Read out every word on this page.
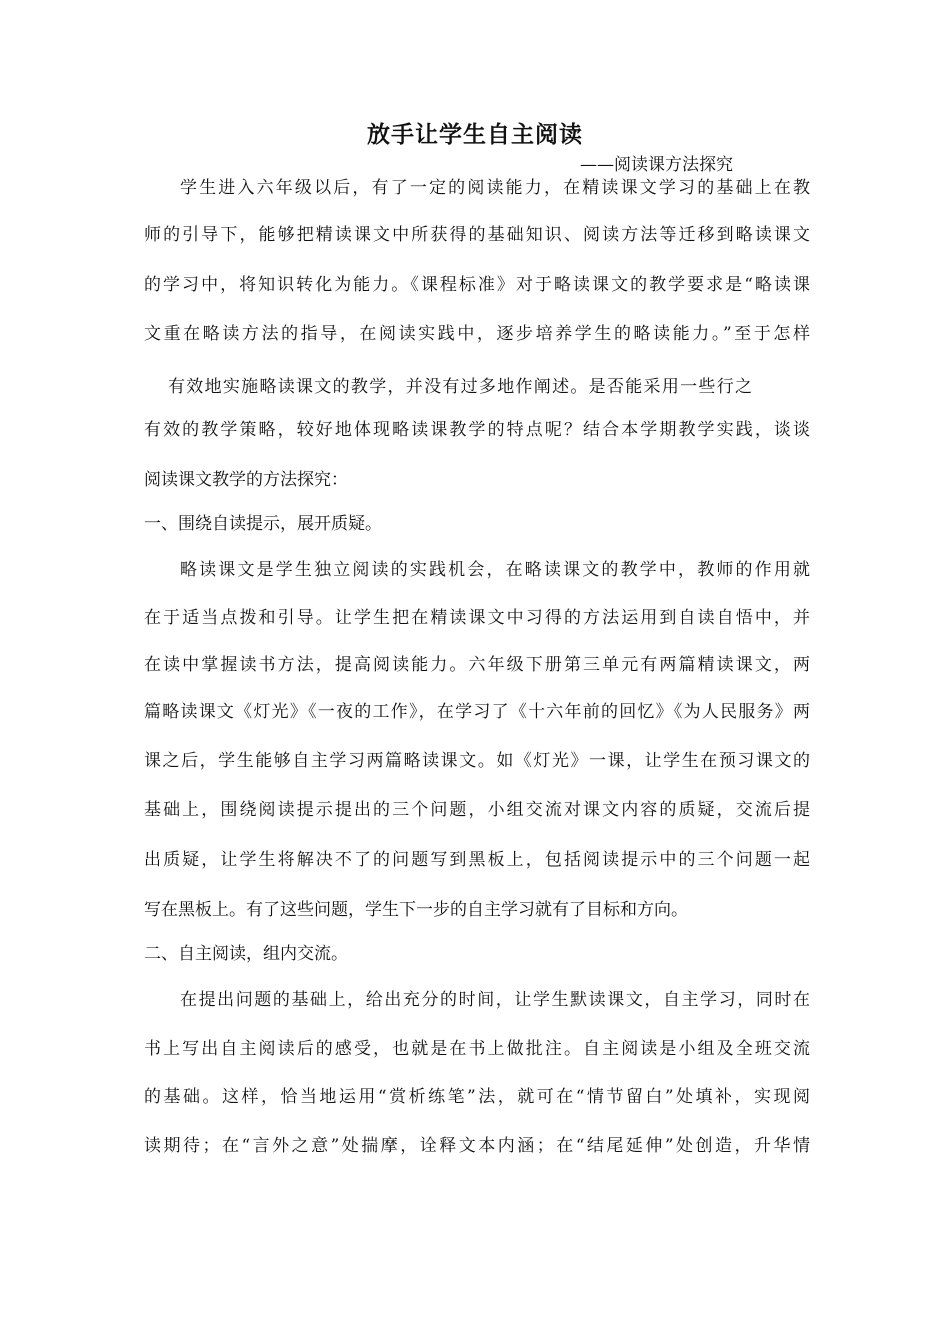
放手让学生自主阅读
——阅读课方法探究
学生进入六年级以后，有了一定的阅读能力，在精读课文学习的基础上在教
师的引导下，能够把精读课文中所获得的基础知识、阅读方法等迁移到略读课文
的学习中，将知识转化为能力。《课程标准》对于略读课文的教学要求是“略读课
文重在略读方法的指导，在阅读实践中，逐步培养学生的略读能力。”至于怎样
有效地实施略读课文的教学，并没有过多地作阐述。是否能采用一些行之
有效的教学策略，较好地体现略读课教学的特点呢？结合本学期教学实践，谈谈
阅读课文教学的方法探究：
一、围绕自读提示，展开质疑。
略读课文是学生独立阅读的实践机会，在略读课文的教学中，教师的作用就
在于适当点拨和引导。让学生把在精读课文中习得的方法运用到自读自悟中，并
在读中掌握读书方法，提高阅读能力。六年级下册第三单元有两篇精读课文，两
篇略读课文《灯光》《一夜的工作》，在学习了《十六年前的回忆》《为人民服务》两
课之后，学生能够自主学习两篇略读课文。如《灯光》一课，让学生在预习课文的
基础上，围绕阅读提示提出的三个问题，小组交流对课文内容的质疑，交流后提
出质疑，让学生将解决不了的问题写到黑板上，包括阅读提示中的三个问题一起
写在黑板上。有了这些问题，学生下一步的自主学习就有了目标和方向。
二、自主阅读，组内交流。
在提出问题的基础上，给出充分的时间，让学生默读课文，自主学习，同时在
书上写出自主阅读后的感受，也就是在书上做批注。自主阅读是小组及全班交流
的基础。这样，恰当地运用“赏析练笔”法，就可在“情节留白”处填补，实现阅
读期待；在“言外之意”处揣摩，诠释文本内涵；在“结尾延伸”处创造，升华情
